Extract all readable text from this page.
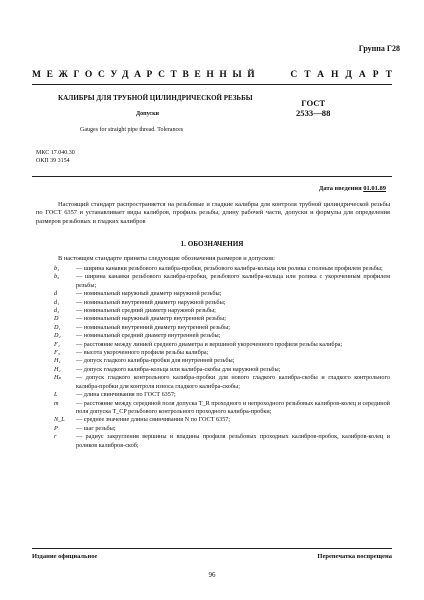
Группа Г28
МЕЖГОСУДАРСТВЕННЫЙ	СТАНДАРТ
КАЛИБРЫ ДЛЯ ТРУБНОЙ ЦИЛИНДРИЧЕСКОЙ РЕЗЬБЫ
Допуски
ГОСТ
2533—88
Gauges for straight pipe thread. Tolerances
МКС 17.040.30
ОКП 39 3154
Дата введения 01.01.89
Настоящий стандарт распространяется на резьбовые и гладкие калибры для контроля трубной цилиндрической резьбы по ГОСТ 6357 и устанавливает виды калибров, профиль резьбы, длину рабочей части, допуски и формулы для определения размеров резьбовых и гладких калибров
1. ОБОЗНАЧЕНИЯ
В настоящем стандарте приняты следующие обозначения размеров и допусков:
b₁	— ширина канавки резьбового калибра-пробки, резьбового калибра-кольца или ролика с полным профилем резьбы;
b₃	— ширина канавки резьбового калибра-пробки, резьбового калибра-кольца или ролика с укороченным профилем резьбы;
d	— номинальный наружный диаметр наружной резьбы;
d₁	— номинальный внутренний диаметр наружной резьбы;
d₂	— номинальный средний диаметр наружной резьбы;
D	— номинальный наружный диаметр внутренней резьбы;
D₁	— номинальный внутренний диаметр внутренней резьбы;
D₂	— номинальный средний диаметр внутренней резьбы;
F₁	— расстояние между линией среднего диаметра и вершиной укороченного профиля резьбы калибра;
F₃	— высота укороченного профиля резьбы калибра;
H₁	— допуск гладкого калибра-пробки для внутренней резьбы;
H₂	— допуск гладкого калибра-кольца или калибра-скобы для наружной резьбы;
Hₚ	— допуск гладкого контрольного калибра-пробки для нового гладкого калибра-скобы и гладкого контрольного калибра-пробки для контроля износа гладкого калибра-скобы;
L	— длина свинчивания по ГОСТ 6357;
m	— расстояние между серединой поля допуска T_R проходного и непроходного резьбовых калибров-колец и серединой поля допуска T_CP резьбового контрольного проходного калибра-пробки;
N_L	— среднее значение длины свинчивания N по ГОСТ 6357;
P	— шаг резьбы;
r	— радиус закругления вершины и впадины профиля резьбовых проходных калибров-пробок, калибров-колец и роликов калибров-скоб;
Издание официальное	Перепечатка воспрещена
96
